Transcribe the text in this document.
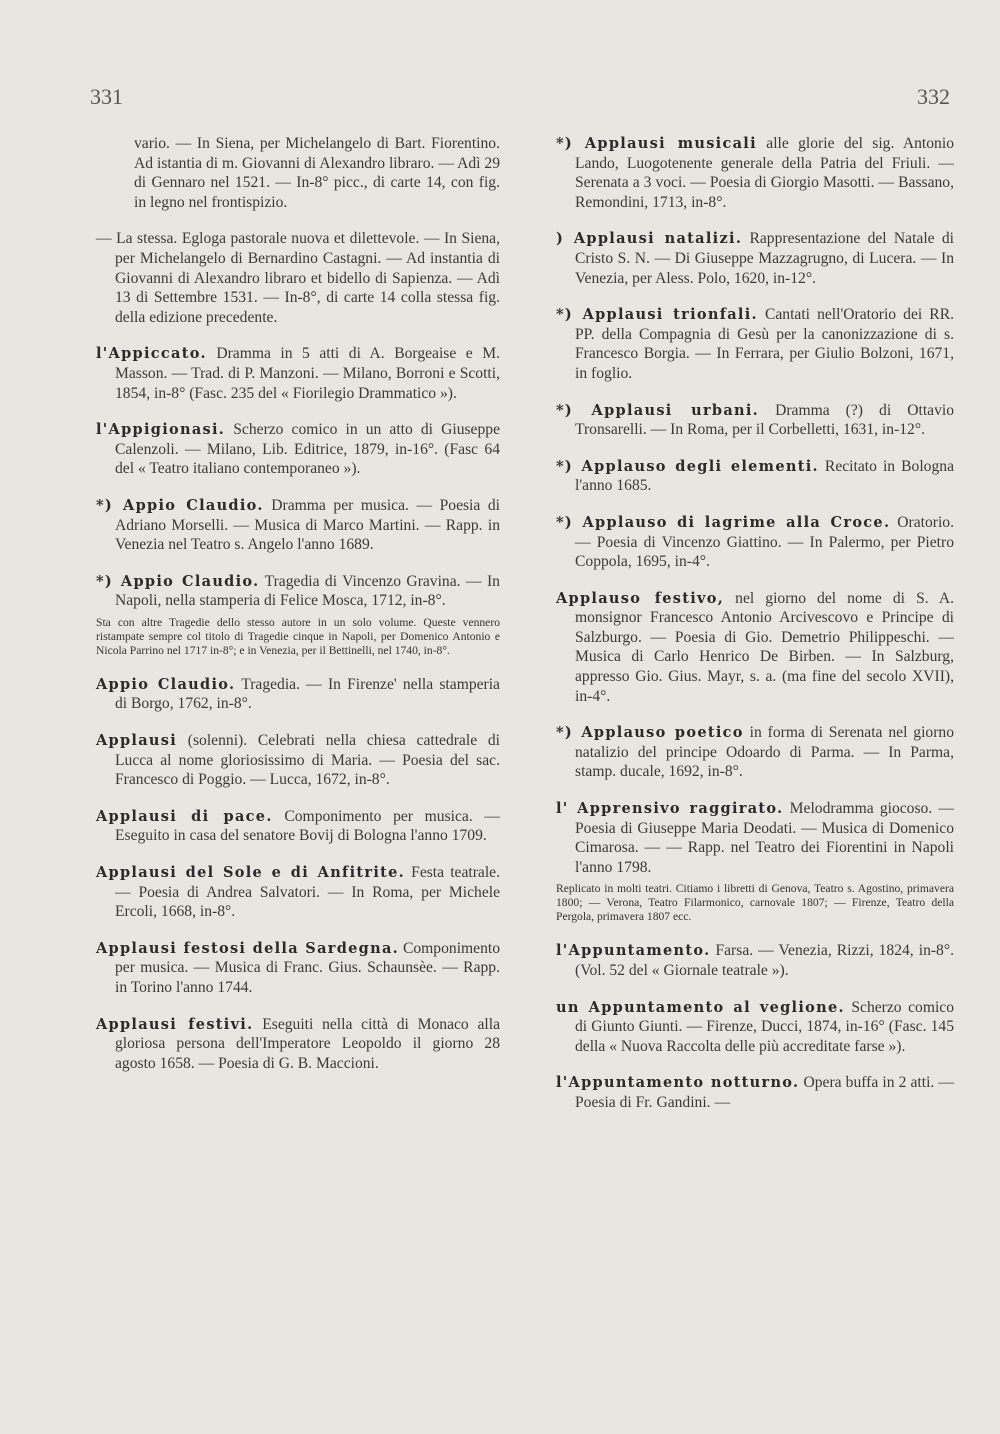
331	332
vario. — In Siena, per Michelangelo di Bart. Fiorentino. Ad istantia di m. Giovanni di Alexandro libraro. — Adì 29 di Gennaro nel 1521. — In-8° picc., di carte 14, con fig. in legno nel frontispizio.
— La stessa. Egloga pastorale nuova et dilettevole. — In Siena, per Michelangelo di Bernardino Castagni. — Ad instantia di Giovanni di Alexandro libraro et bidello di Sapienza. — Adì 13 di Settembre 1531. — In-8°, di carte 14 colla stessa fig. della edizione precedente.
l'Appiccato. Dramma in 5 atti di A. Borgeaise e M. Masson. — Trad. di P. Manzoni. — Milano, Borroni e Scotti, 1854, in-8° (Fasc. 235 del « Fiorilegio Drammatico »).
l'Appigionasi. Scherzo comico in un atto di Giuseppe Calenzoli. — Milano, Lib. Editrice, 1879, in-16°. (Fasc 64 del « Teatro italiano contemporaneo »).
*) Appio Claudio. Dramma per musica. — Poesia di Adriano Morselli. — Musica di Marco Martini. — Rapp. in Venezia nel Teatro s. Angelo l'anno 1689.
*) Appio Claudio. Tragedia di Vincenzo Gravina. — In Napoli, nella stamperia di Felice Mosca, 1712, in-8°.
Sta con altre Tragedie dello stesso autore in un solo volume. Queste vennero ristampate sempre col titolo di Tragedie cinque in Napoli, per Domenico Antonio e Nicola Parrino nel 1717 in-8°; e in Venezia, per il Bettinelli, nel 1740, in-8°.
Appio Claudio. Tragedia. — In Firenze' nella stamperia di Borgo, 1762, in-8°.
Applausi (solenni). Celebrati nella chiesa cattedrale di Lucca al nome gloriosissimo di Maria. — Poesia del sac. Francesco di Poggio. — Lucca, 1672, in-8°.
Applausi di pace. Componimento per musica. — Eseguito in casa del senatore Bovij di Bologna l'anno 1709.
Applausi del Sole e di Anfitrite. Festa teatrale. — Poesia di Andrea Salvatori. — In Roma, per Michele Ercoli, 1668, in-8°.
Applausi festosi della Sardegna. Componimento per musica. — Musica di Franc. Gius. Schaunsèe. — Rapp. in Torino l'anno 1744.
Applausi festivi. Eseguiti nella città di Monaco alla gloriosa persona dell'Imperatore Leopoldo il giorno 28 agosto 1658. — Poesia di G. B. Maccioni.
*) Applausi musicali alle glorie del sig. Antonio Lando, Luogotenente generale della Patria del Friuli. — Serenata a 3 voci. — Poesia di Giorgio Masotti. — Bassano, Remondini, 1713, in-8°.
) Applausi natalizi. Rappresentazione del Natale di Cristo S. N. — Di Giuseppe Mazzagrugno, di Lucera. — In Venezia, per Aless. Polo, 1620, in-12°.
*) Applausi trionfali. Cantati nell'Oratorio dei RR. PP. della Compagnia di Gesù per la canonizzazione di s. Francesco Borgia. — In Ferrara, per Giulio Bolzoni, 1671, in foglio.
*) Applausi urbani. Dramma (?) di Ottavio Tronsarelli. — In Roma, per il Corbelletti, 1631, in-12°.
*) Applauso degli elementi. Recitato in Bologna l'anno 1685.
*) Applauso di lagrime alla Croce. Oratorio. — Poesia di Vincenzo Giattino. — In Palermo, per Pietro Coppola, 1695, in-4°.
Applauso festivo, nel giorno del nome di S. A. monsignor Francesco Antonio Arcivescovo e Principe di Salzburgo. — Poesia di Gio. Demetrio Philippeschi. — Musica di Carlo Henrico De Birben. — In Salzburg, appresso Gio. Gius. Mayr, s. a. (ma fine del secolo XVII), in-4°.
*) Applauso poetico in forma di Serenata nel giorno natalizio del principe Odoardo di Parma. — In Parma, stamp. ducale, 1692, in-8°.
l' Apprensivo raggirato. Melodramma giocoso. — Poesia di Giuseppe Maria Deodati. — Musica di Domenico Cimarosa. — — Rapp. nel Teatro dei Fiorentini in Napoli l'anno 1798.
Replicato in molti teatri. Citiamo i libretti di Genova, Teatro s. Agostino, primavera 1800; — Verona, Teatro Filarmonico, carnovale 1807; — Firenze, Teatro della Pergola, primavera 1807 ecc.
l'Appuntamento. Farsa. — Venezia, Rizzi, 1824, in-8°. (Vol. 52 del « Giornale teatrale »).
un Appuntamento al veglione. Scherzo comico di Giunto Giunti. — Firenze, Ducci, 1874, in-16° (Fasc. 145 della « Nuova Raccolta delle più accreditate farse »).
l'Appuntamento notturno. Opera buffa in 2 atti. — Poesia di Fr. Gandini. —
